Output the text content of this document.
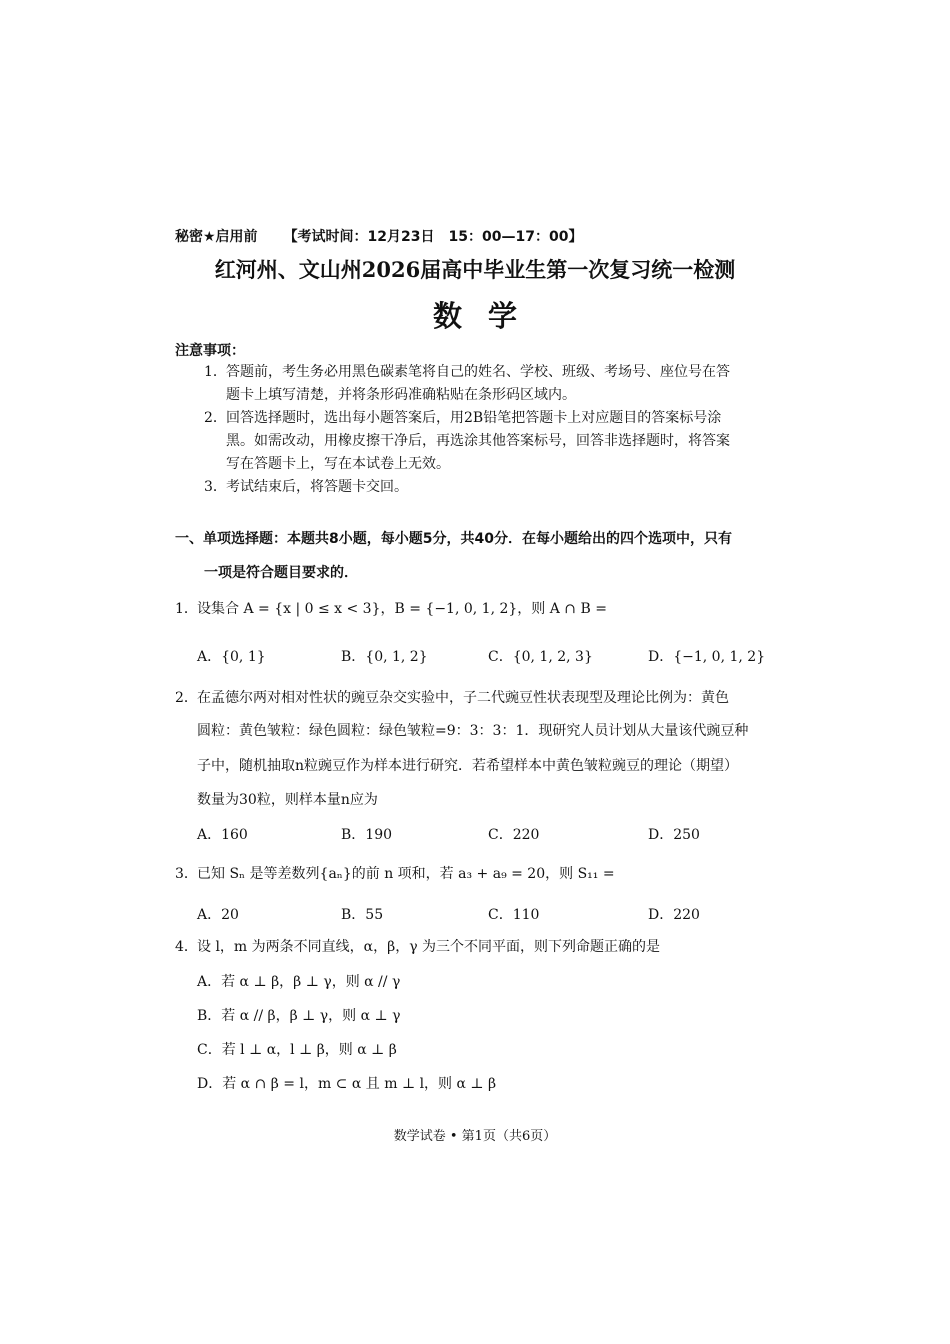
秘密★启用前 【考试时间：12月23日　15：00—17：00】
红河州、文山州2026届高中毕业生第一次复习统一检测
数学
注意事项：
1．答题前，考生务必用黑色碳素笔将自己的姓名、学校、班级、考场号、座位号在答
题卡上填写清楚，并将条形码准确粘贴在条形码区域内。
2．回答选择题时，选出每小题答案后，用2B铅笔把答题卡上对应题目的答案标号涂
黑。如需改动，用橡皮擦干净后，再选涂其他答案标号，回答非选择题时，将答案
写在答题卡上，写在本试卷上无效。
3．考试结束后，将答题卡交回。
一、单项选择题：本题共8小题，每小题5分，共40分．在每小题给出的四个选项中，只有
一项是符合题目要求的．
1．设集合 A = {x | 0 ≤ x < 3}，B = {−1, 0, 1, 2}，则 A ∩ B =
A．{0, 1}	B．{0, 1, 2}	C．{0, 1, 2, 3}	D．{−1, 0, 1, 2}
2．在孟德尔两对相对性状的豌豆杂交实验中，子二代豌豆性状表现型及理论比例为：黄色
圆粒：黄色皱粒：绿色圆粒：绿色皱粒=9：3：3：1．现研究人员计划从大量该代豌豆种
子中，随机抽取n粒豌豆作为样本进行研究．若希望样本中黄色皱粒豌豆的理论（期望）
数量为30粒，则样本量n应为
A．160	B．190	C．220	D．250
3．已知 Sₙ 是等差数列{aₙ}的前 n 项和，若 a₃ + a₉ = 20，则 S₁₁ =
A．20	B．55	C．110	D．220
4．设 l，m 为两条不同直线，α，β，γ 为三个不同平面，则下列命题正确的是
A．若 α ⊥ β，β ⊥ γ，则 α // γ
B．若 α // β，β ⊥ γ，则 α ⊥ γ
C．若 l ⊥ α，l ⊥ β，则 α ⊥ β
D．若 α ∩ β = l，m ⊂ α 且 m ⊥ l，则 α ⊥ β
数学试卷 • 第1页（共6页）
